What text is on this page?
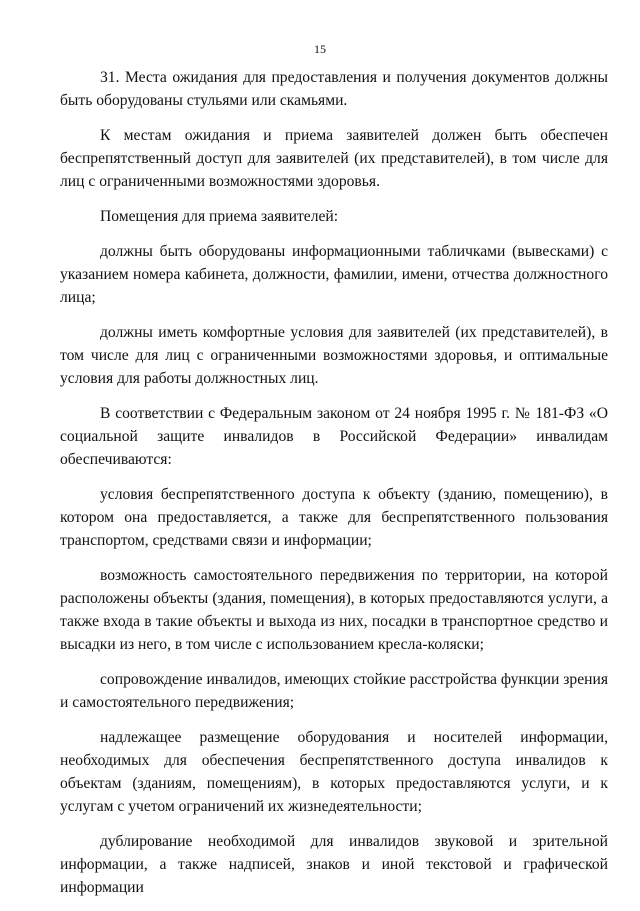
15

31. Места ожидания для предоставления и получения документов должны быть оборудованы стульями или скамьями.

К местам ожидания и приема заявителей должен быть обеспечен беспрепятственный доступ для заявителей (их представителей), в том числе для лиц с ограниченными возможностями здоровья.

Помещения для приема заявителей:

должны быть оборудованы информационными табличками (вывесками) с указанием номера кабинета, должности, фамилии, имени, отчества должностного лица;

должны иметь комфортные условия для заявителей (их представителей), в том числе для лиц с ограниченными возможностями здоровья, и оптимальные условия для работы должностных лиц.

В соответствии с Федеральным законом от 24 ноября 1995 г. № 181-ФЗ «О социальной защите инвалидов в Российской Федерации» инвалидам обеспечиваются:

условия беспрепятственного доступа к объекту (зданию, помещению), в котором она предоставляется, а также для беспрепятственного пользования транспортом, средствами связи и информации;

возможность самостоятельного передвижения по территории, на которой расположены объекты (здания, помещения), в которых предоставляются услуги, а также входа в такие объекты и выхода из них, посадки в транспортное средство и высадки из него, в том числе с использованием кресла-коляски;

сопровождение инвалидов, имеющих стойкие расстройства функции зрения и самостоятельного передвижения;

надлежащее размещение оборудования и носителей информации, необходимых для обеспечения беспрепятственного доступа инвалидов к объектам (зданиям, помещениям), в которых предоставляются услуги, и к услугам с учетом ограничений их жизнедеятельности;

дублирование необходимой для инвалидов звуковой и зрительной информации, а также надписей, знаков и иной текстовой и графической информации
